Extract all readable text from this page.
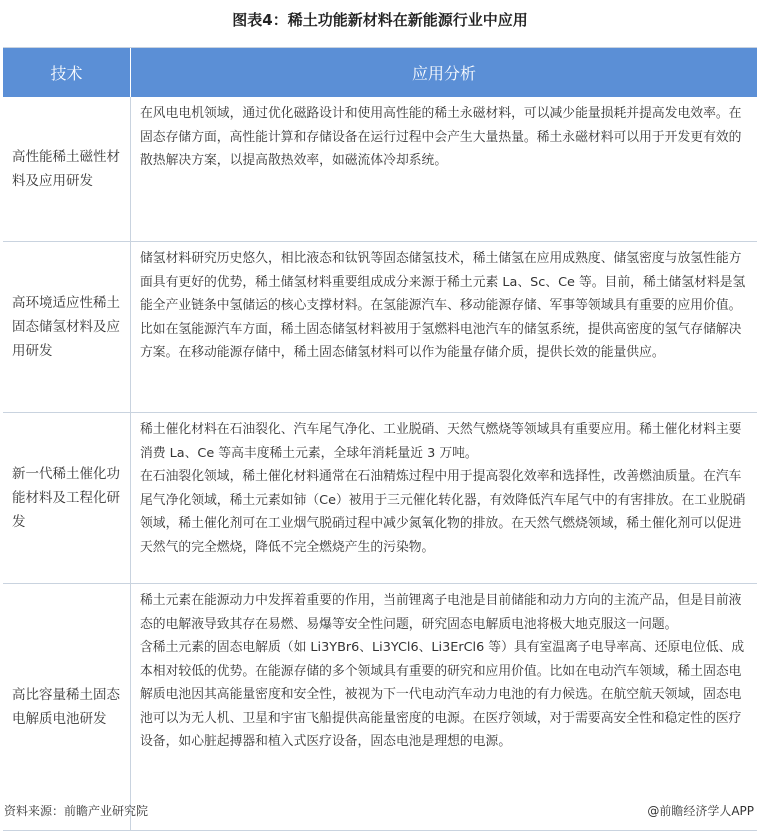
图表4：稀土功能新材料在新能源行业中应用
技术	应用分析
高性能稀土磁性材料及应用研发

在风电电机领域，通过优化磁路设计和使用高性能的稀土永磁材料，可以减少能量损耗并提高发电效率。在固态存储方面，高性能计算和存储设备在运行过程中会产生大量热量。稀土永磁材料可以用于开发更有效的散热解决方案，以提高散热效率，如磁流体冷却系统。

高环境适应性稀土固态储氢材料及应用研发

储氢材料研究历史悠久，相比液态和钛钒等固态储氢技术，稀土储氢在应用成熟度、储氢密度与放氢性能方面具有更好的优势，稀土储氢材料重要组成成分来源于稀土元素 La、Sc、Ce 等。目前，稀土储氢材料是氢能全产业链条中氢储运的核心支撑材料。在氢能源汽车、移动能源存储、军事等领域具有重要的应用价值。比如在氢能源汽车方面，稀土固态储氢材料被用于氢燃料电池汽车的储氢系统，提供高密度的氢气存储解决方案。在移动能源存储中，稀土固态储氢材料可以作为能量存储介质，提供长效的能量供应。

新一代稀土催化功能材料及工程化研发

稀土催化材料在石油裂化、汽车尾气净化、工业脱硝、天然气燃烧等领域具有重要应用。稀土催化材料主要消费 La、Ce 等高丰度稀土元素，全球年消耗量近 3 万吨。

在石油裂化领域，稀土催化材料通常在石油精炼过程中用于提高裂化效率和选择性，改善燃油质量。在汽车尾气净化领域，稀土元素如铈（Ce）被用于三元催化转化器，有效降低汽车尾气中的有害排放。在工业脱硝领域，稀土催化剂可在工业烟气脱硝过程中减少氮氧化物的排放。在天然气燃烧领域，稀土催化剂可以促进天然气的完全燃烧，降低不完全燃烧产生的污染物。

高比容量稀土固态电解质电池研发

稀土元素在能源动力中发挥着重要的作用，当前锂离子电池是目前储能和动力方向的主流产品，但是目前液态的电解液导致其存在易燃、易爆等安全性问题，研究固态电解质电池将极大地克服这一问题。

含稀土元素的固态电解质（如 Li3YBr6、Li3YCl6、Li3ErCl6 等）具有室温离子电导率高、还原电位低、成本相对较低的优势。在能源存储的多个领域具有重要的研究和应用价值。比如在电动汽车领域，稀土固态电解质电池因其高能量密度和安全性，被视为下一代电动汽车动力电池的有力候选。在航空航天领域，固态电池可以为无人机、卫星和宇宙飞船提供高能量密度的电源。在医疗领域，对于需要高安全性和稳定性的医疗设备，如心脏起搏器和植入式医疗设备，固态电池是理想的电源。

资料来源：前瞻产业研究院	@前瞻经济学人APP
